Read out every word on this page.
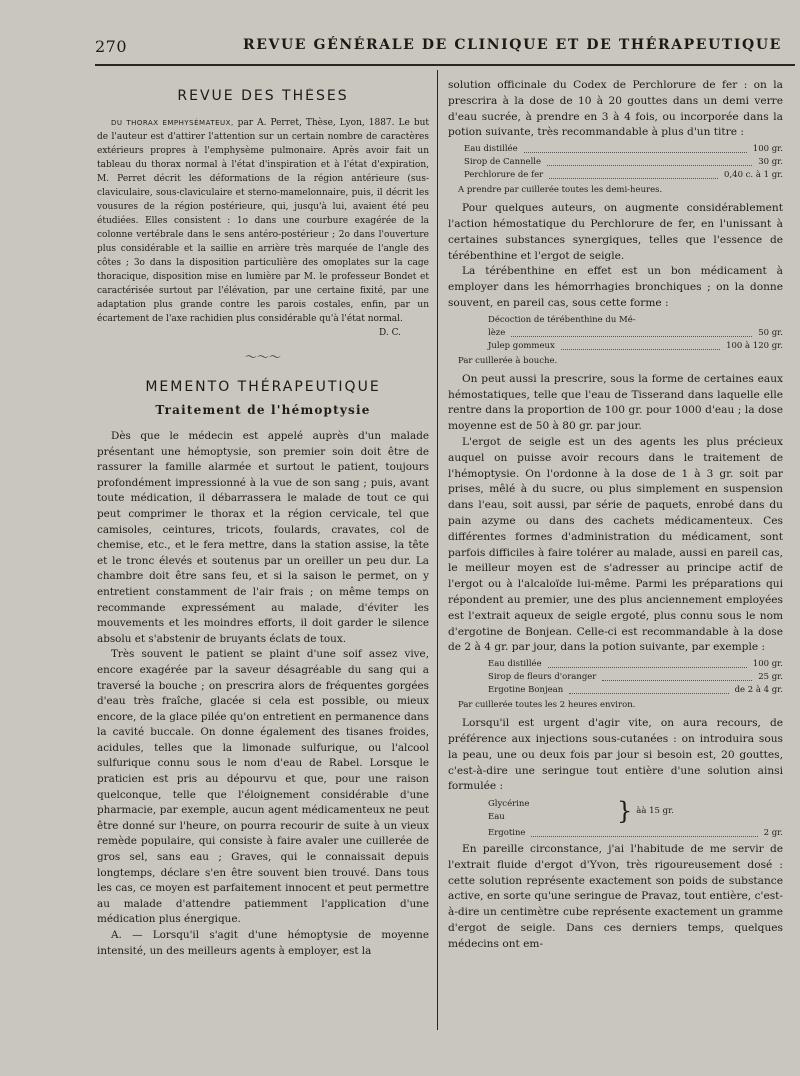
270	REVUE GÉNÉRALE DE CLINIQUE ET DE THÉRAPEUTIQUE
REVUE DES THÈSES

DU THORAX EMPHYSÉMATEUX, par A. Perret, Thèse, Lyon, 1887. Le but de l'auteur est d'attirer l'attention sur un certain nombre de caractères extérieurs propres à l'emphysème pulmonaire. Après avoir fait un tableau du thorax normal à l'état d'inspiration et à l'état d'expiration, M. Perret décrit les déformations de la région antérieure (sus-claviculaire, sous-claviculaire et sterno-mamelonnaire, puis, il décrit les vousures de la région postérieure, qui, jusqu'à lui, avaient été peu étudiées. Elles consistent : 1o dans une courbure exagérée de la colonne vertébrale dans le sens antéro-postérieur ; 2o dans l'ouverture plus considérable et la saillie en arrière très marquée de l'angle des côtes ; 3o dans la disposition particulière des omoplates sur la cage thoracique, disposition mise en lumière par M. le professeur Bondet et caractérisée surtout par l'élévation, par une certaine fixité, par une adaptation plus grande contre les parois costales, enfin, par un écartement de l'axe rachidien plus considérable qu'à l'état normal.

D. C.
〜〜〜
MEMENTO THÉRAPEUTIQUE
Traitement de l'hémoptysie

Dès que le médecin est appelé auprès d'un malade présentant une hémoptysie, son premier soin doit être de rassurer la famille alarmée et surtout le patient, toujours profondément impressionné à la vue de son sang ; puis, avant toute médication, il débarrassera le malade de tout ce qui peut comprimer le thorax et la région cervicale, tel que camisoles, ceintures, tricots, foulards, cravates, col de chemise, etc., et le fera mettre, dans la station assise, la tête et le tronc élevés et soutenus par un oreiller un peu dur. La chambre doit être sans feu, et si la saison le permet, on y entretient constamment de l'air frais ; on même temps on recommande expressément au malade, d'éviter les mouvements et les moindres efforts, il doit garder le silence absolu et s'abstenir de bruyants éclats de toux.

Très souvent le patient se plaint d'une soif assez vive, encore exagérée par la saveur désagréable du sang qui a traversé la bouche ; on prescrira alors de fréquentes gorgées d'eau très fraîche, glacée si cela est possible, ou mieux encore, de la glace pilée qu'on entretient en permanence dans la cavité buccale. On donne également des tisanes froides, acidules, telles que la limonade sulfurique, ou l'alcool sulfurique connu sous le nom d'eau de Rabel. Lorsque le praticien est pris au dépourvu et que, pour une raison quelconque, telle que l'éloignement considérable d'une pharmacie, par exemple, aucun agent médicamenteux ne peut être donné sur l'heure, on pourra recourir de suite à un vieux remède populaire, qui consiste à faire avaler une cuillerée de gros sel, sans eau ; Graves, qui le connaissait depuis longtemps, déclare s'en être souvent bien trouvé. Dans tous les cas, ce moyen est parfaitement innocent et peut permettre au malade d'attendre patiemment l'application d'une médication plus énergique.

A. — Lorsqu'il s'agit d'une hémoptysie de moyenne intensité, un des meilleurs agents à employer, est la

solution officinale du Codex de Perchlorure de fer : on la prescrira à la dose de 10 à 20 gouttes dans un demi verre d'eau sucrée, à prendre en 3 à 4 fois, ou incorporée dans la potion suivante, très recommandable à plus d'un titre :

Eau distillée	100 gr.
Sirop de Cannelle	30 gr.
Perchlorure de fer	0,40 c. à 1 gr.
A prendre par cuillerée toutes les demi-heures.

Pour quelques auteurs, on augmente considérablement l'action hémostatique du Perchlorure de fer, en l'unissant à certaines substances synergiques, telles que l'essence de térébenthine et l'ergot de seigle.

La térébenthine en effet est un bon médicament à employer dans les hémorrhagies bronchiques ; on la donne souvent, en pareil cas, sous cette forme :

Décoction de térébenthine du Mé-
lèze	50 gr.
Julep gommeux	100 à 120 gr.
Par cuillerée à bouche.

On peut aussi la prescrire, sous la forme de certaines eaux hémostatiques, telle que l'eau de Tisserand dans laquelle elle rentre dans la proportion de 100 gr. pour 1000 d'eau ; la dose moyenne est de 50 à 80 gr. par jour.

L'ergot de seigle est un des agents les plus précieux auquel on puisse avoir recours dans le traitement de l'hémoptysie. On l'ordonne à la dose de 1 à 3 gr. soit par prises, mêlé à du sucre, ou plus simplement en suspension dans l'eau, soit aussi, par série de paquets, enrobé dans du pain azyme ou dans des cachets médicamenteux. Ces différentes formes d'administration du médicament, sont parfois difficiles à faire tolérer au malade, aussi en pareil cas, le meilleur moyen est de s'adresser au principe actif de l'ergot ou à l'alcaloïde lui-même. Parmi les préparations qui répondent au premier, une des plus anciennement employées est l'extrait aqueux de seigle ergoté, plus connu sous le nom d'ergotine de Bonjean. Celle-ci est recommandable à la dose de 2 à 4 gr. par jour, dans la potion suivante, par exemple :

Eau distillée	100 gr.
Sirop de fleurs d'oranger	25 gr.
Ergotine Bonjean	de 2 à 4 gr.
Par cuillerée toutes les 2 heures environ.

Lorsqu'il est urgent d'agir vite, on aura recours, de préférence aux injections sous-cutanées : on introduira sous la peau, une ou deux fois par jour si besoin est, 20 gouttes, c'est-à-dire une seringue tout entière d'une solution ainsi formulée :

Glycérine
Eau	} àà 15 gr.
Ergotine	2 gr.

En pareille circonstance, j'ai l'habitude de me servir de l'extrait fluide d'ergot d'Yvon, très rigoureusement dosé : cette solution représente exactement son poids de substance active, en sorte qu'une seringue de Pravaz, tout entière, c'est-à-dire un centimètre cube représente exactement un gramme d'ergot de seigle. Dans ces derniers temps, quelques médecins ont em-
